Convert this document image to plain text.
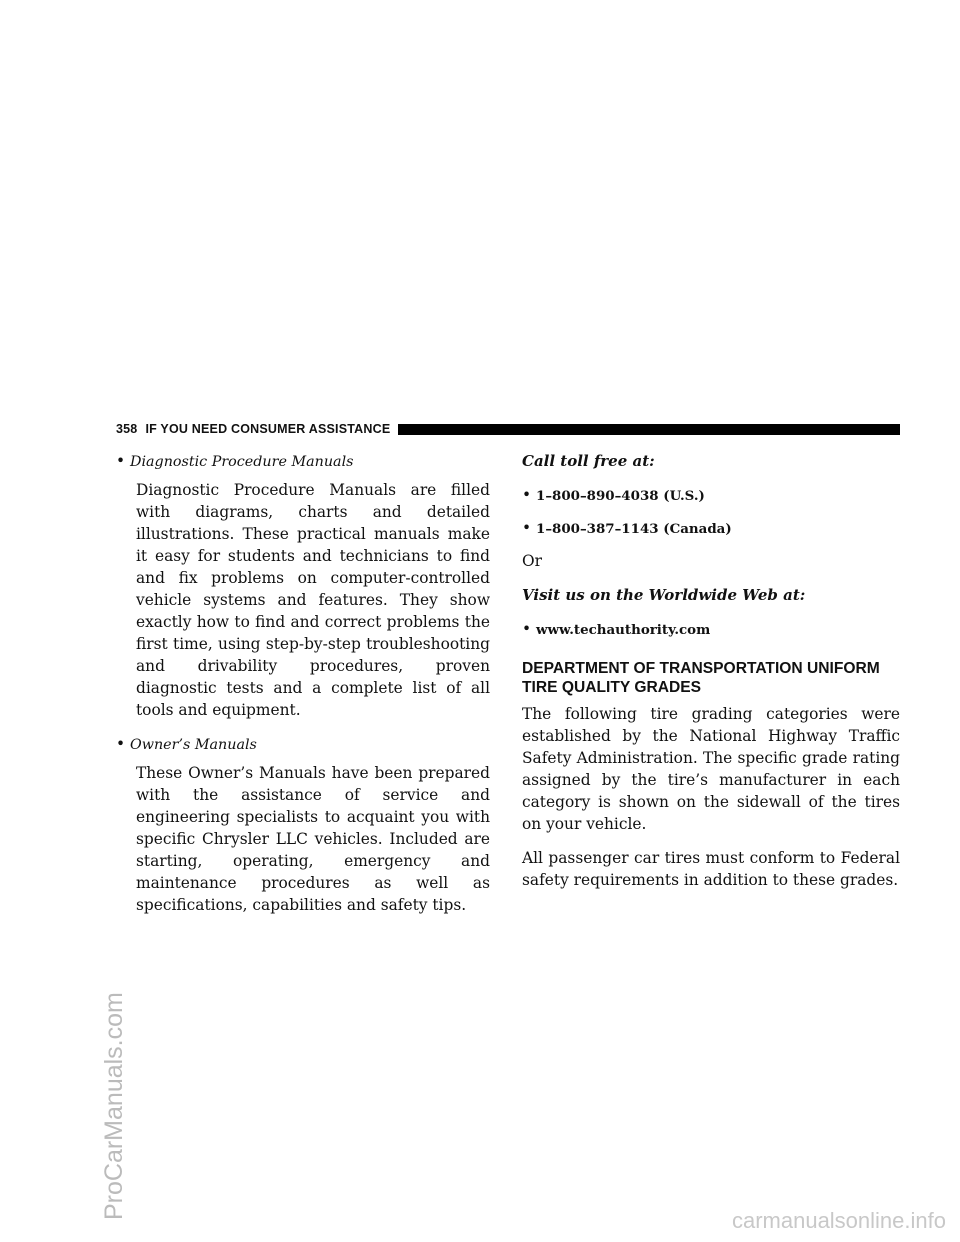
358 IF YOU NEED CONSUMER ASSISTANCE
• Diagnostic Procedure Manuals

Diagnostic Procedure Manuals are filled with diagrams, charts and detailed illustrations. These practical manuals make it easy for students and technicians to find and fix problems on computer-controlled vehicle systems and features. They show exactly how to find and correct problems the first time, using step-by-step troubleshooting and drivability procedures, proven diagnostic tests and a complete list of all tools and equipment.

• Owner’s Manuals

These Owner’s Manuals have been prepared with the assistance of service and engineering specialists to acquaint you with specific Chrysler LLC vehicles. Included are starting, operating, emergency and maintenance procedures as well as specifications, capabilities and safety tips.

Call toll free at:

• 1–800–890–4038 (U.S.)
• 1–800–387–1143 (Canada)

Or

Visit us on the Worldwide Web at:

• www.techauthority.com
DEPARTMENT OF TRANSPORTATION UNIFORM
TIRE QUALITY GRADES

The following tire grading categories were established by the National Highway Traffic Safety Administration. The specific grade rating assigned by the tire’s manufacturer in each category is shown on the sidewall of the tires on your vehicle.

All passenger car tires must conform to Federal safety requirements in addition to these grades.

ProCarManuals.com
carmanualsonline.info
